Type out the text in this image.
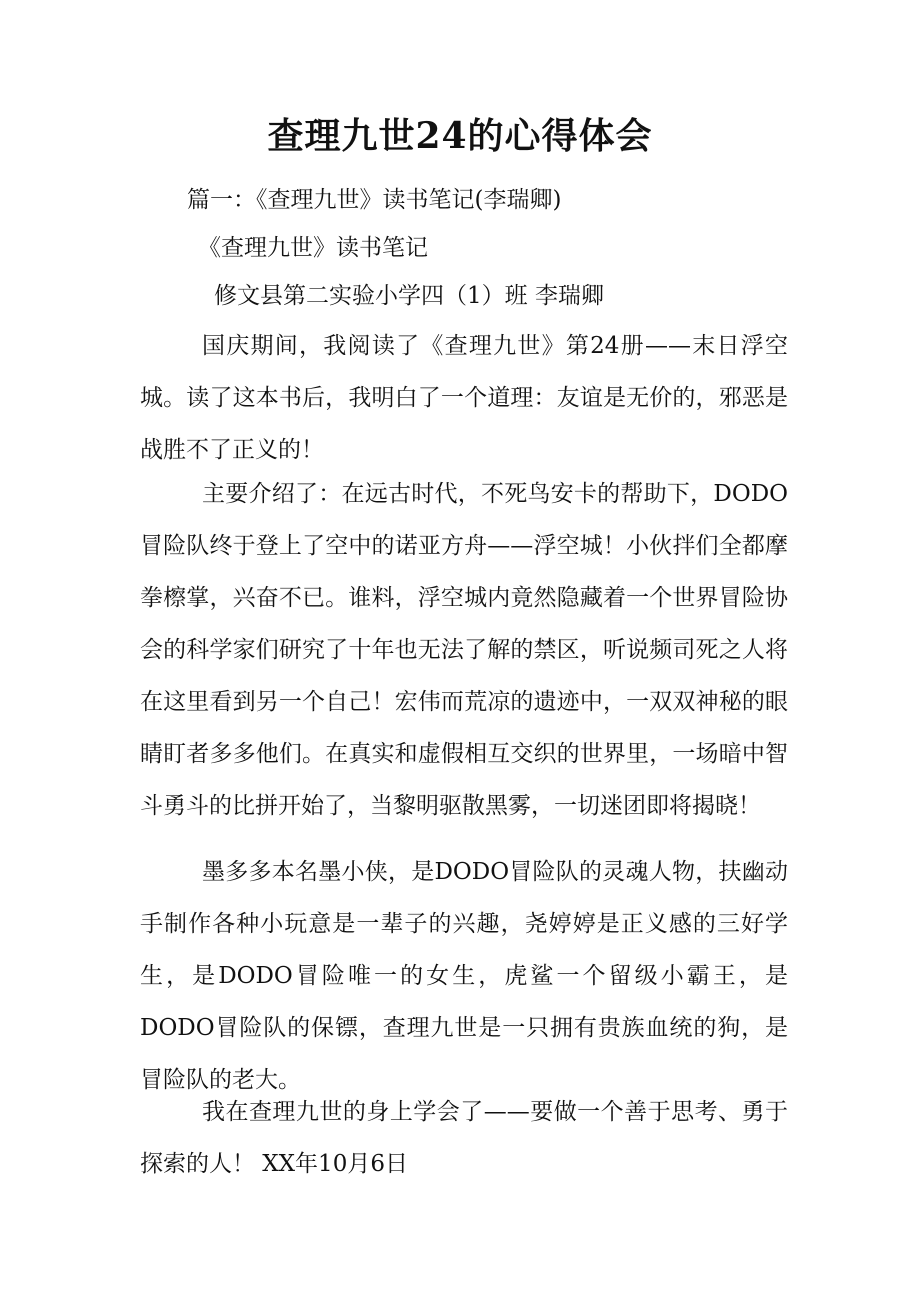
查理九世24的心得体会

篇一：《查理九世》读书笔记(李瑞卿)

《查理九世》读书笔记

修文县第二实验小学四（1）班 李瑞卿

国庆期间，我阅读了《查理九世》第24册——末日浮空城。读了这本书后，我明白了一个道理：友谊是无价的，邪恶是战胜不了正义的！

主要介绍了：在远古时代，不死鸟安卡的帮助下，DODO冒险队终于登上了空中的诺亚方舟——浮空城！小伙拌们全都摩拳檫掌，兴奋不已。谁料，浮空城内竟然隐藏着一个世界冒险协会的科学家们研究了十年也无法了解的禁区，听说频司死之人将在这里看到另一个自己！宏伟而荒凉的遗迹中，一双双神秘的眼睛盯者多多他们。在真实和虚假相互交织的世界里，一场暗中智斗勇斗的比拼开始了，当黎明驱散黑雾，一切迷团即将揭晓！

墨多多本名墨小侠，是DODO冒险队的灵魂人物，扶幽动手制作各种小玩意是一辈子的兴趣，尧婷婷是正义感的三好学生，是DODO冒险唯一的女生，虎鲨一个留级小霸王，是DODO冒险队的保镖，查理九世是一只拥有贵族血统的狗，是冒险队的老大。

我在查理九世的身上学会了——要做一个善于思考、勇于探索的人！ XX年10月6日
